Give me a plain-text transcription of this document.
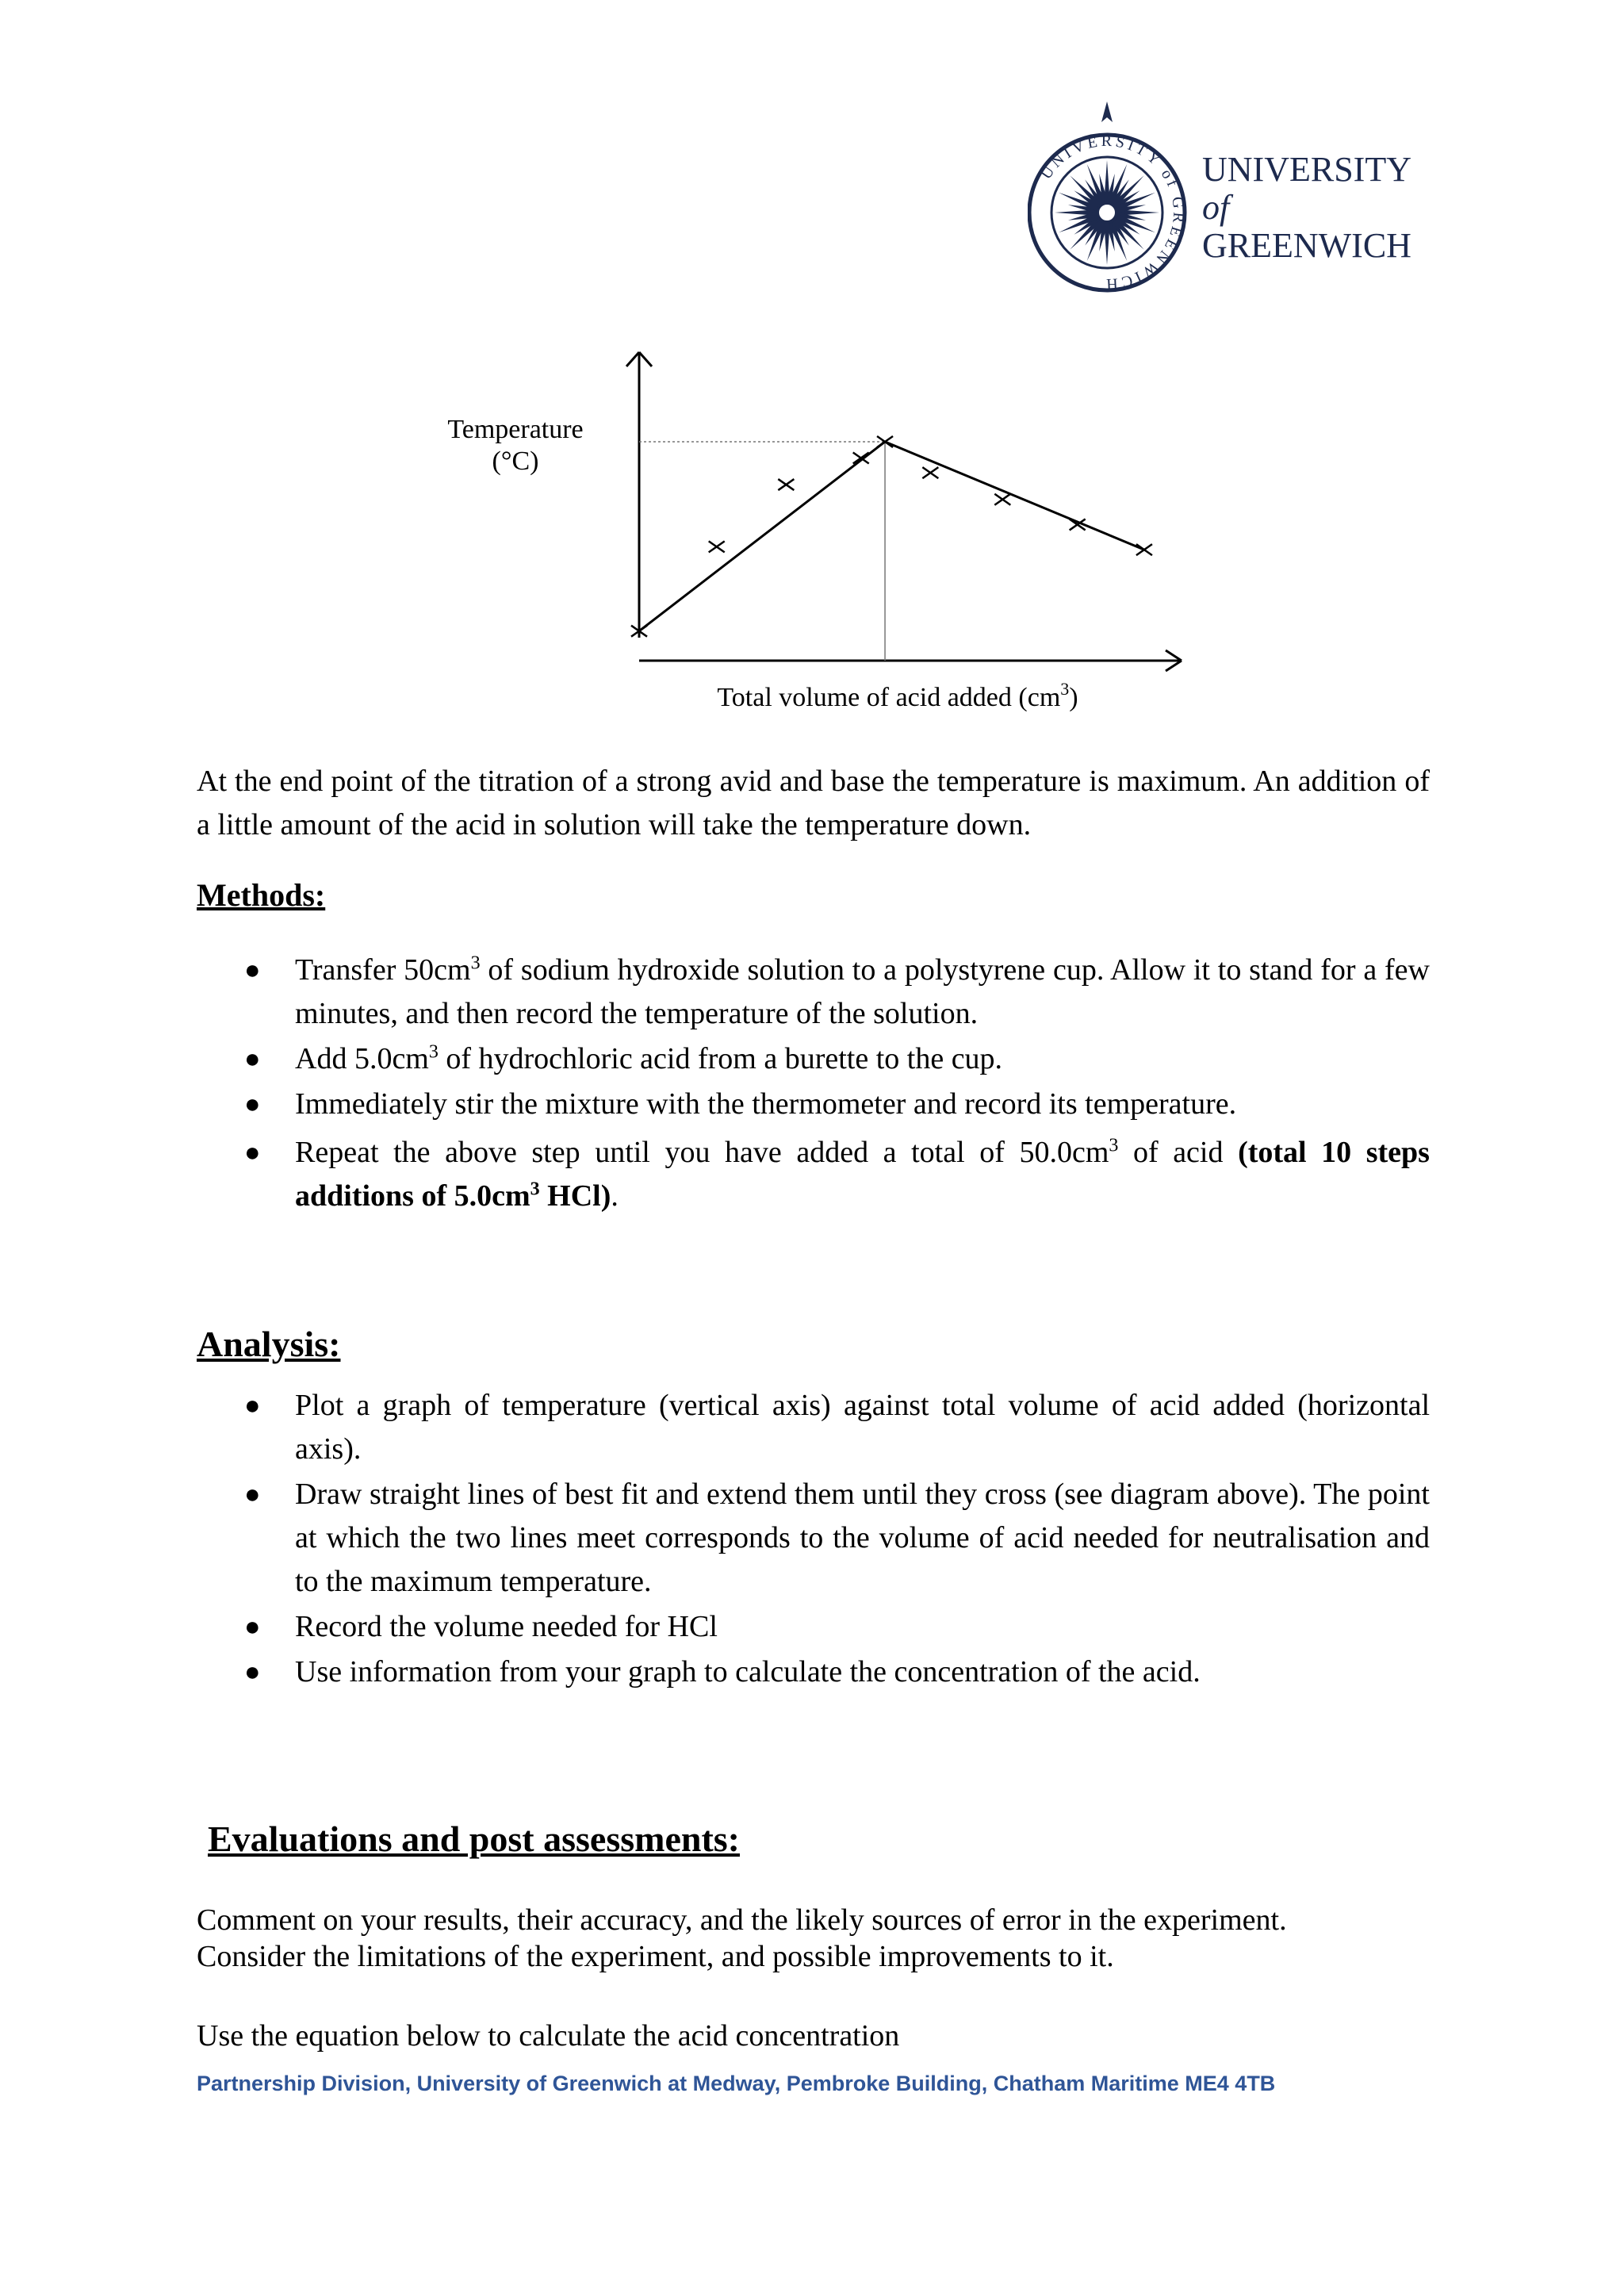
UNIVERSITY of GREENWICH
UNIVERSITY
of
GREENWICH
Temperature
(°C)
Total volume of acid added $(cm^3)$
At the end point of the titration of a strong avid and base the temperature is maximum. An addition of a little amount of the acid in solution will take the temperature down.
Methods:
● Transfer $50cm^3$ of sodium hydroxide solution to a polystyrene cup. Allow it to stand for a few minutes, and then record the temperature of the solution.
● Add $5.0cm^3$ of hydrochloric acid from a burette to the cup.
● Immediately stir the mixture with the thermometer and record its temperature.
● Repeat the above step until you have added a total of $50.0cm^3$ of acid (total 10 steps additions of $5.0cm^3$ HCl).
Analysis:
● Plot a graph of temperature (vertical axis) against total volume of acid added (horizontal axis).
● Draw straight lines of best fit and extend them until they cross (see diagram above). The point at which the two lines meet corresponds to the volume of acid needed for neutralisation and to the maximum temperature.
● Record the volume needed for HCl
● Use information from your graph to calculate the concentration of the acid.
Evaluations and post assessments:
Comment on your results, their accuracy, and the likely sources of error in the experiment.
Consider the limitations of the experiment, and possible improvements to it.
Use the equation below to calculate the acid concentration
Partnership Division, University of Greenwich at Medway, Pembroke Building, Chatham Maritime ME4 4TB
